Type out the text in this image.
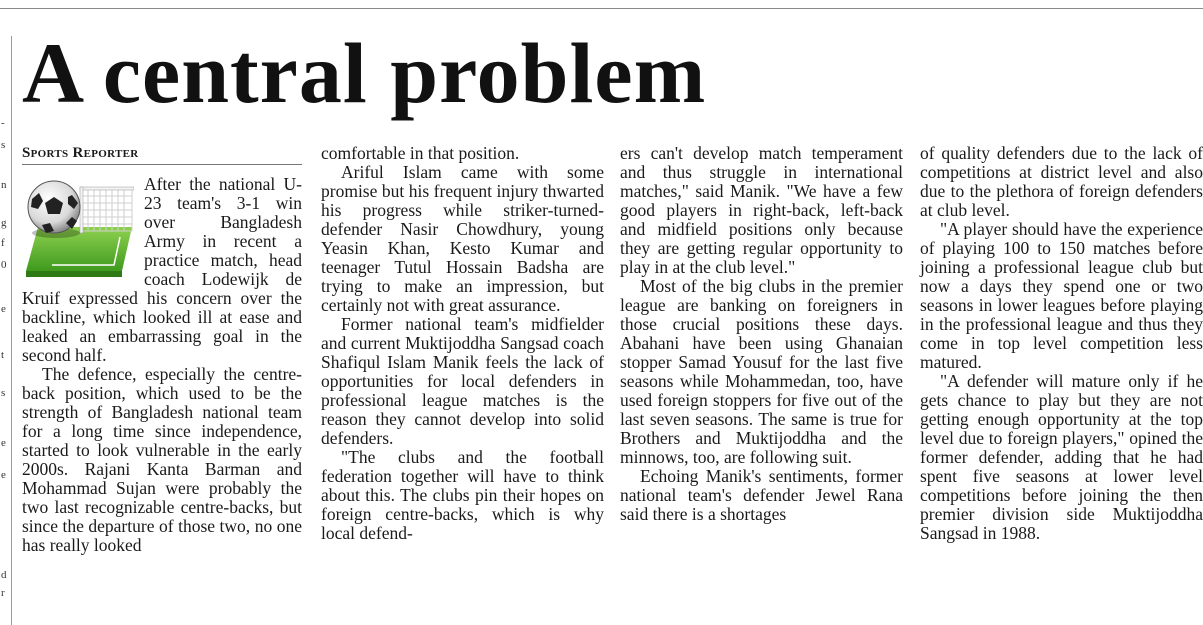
-
s
n
g
f
0
e
t
s
e
e
d
r
A central problem
Sports Reporter

After the national U-23 team's 3-1 win over Bangladesh Army in recent a practice match, head coach Lodewijk de Kruif expressed his concern over the backline, which looked ill at ease and leaked an embarrassing goal in the second half.

The defence, especially the centre-back position, which used to be the strength of Bangladesh national team for a long time since independence, started to look vulnerable in the early 2000s. Rajani Kanta Barman and Mohammad Sujan were probably the two last recognizable centre-backs, but since the departure of those two, no one has really looked

comfortable in that position.

Ariful Islam came with some promise but his frequent injury thwarted his progress while striker-turned-defender Nasir Chowdhury, young Yeasin Khan, Kesto Kumar and teenager Tutul Hossain Badsha are trying to make an impression, but certainly not with great assurance.

Former national team's midfielder and current Muktijoddha Sangsad coach Shafiqul Islam Manik feels the lack of opportunities for local defenders in professional league matches is the reason they cannot develop into solid defenders.

"The clubs and the football federation together will have to think about this. The clubs pin their hopes on foreign centre-backs, which is why local defend-

ers can't develop match temperament and thus struggle in international matches," said Manik. "We have a few good players in right-back, left-back and midfield positions only because they are getting regular opportunity to play in at the club level."

Most of the big clubs in the premier league are banking on foreigners in those crucial positions these days. Abahani have been using Ghanaian stopper Samad Yousuf for the last five seasons while Mohammedan, too, have used foreign stoppers for five out of the last seven seasons. The same is true for Brothers and Muktijoddha and the minnows, too, are following suit.

Echoing Manik's sentiments, former national team's defender Jewel Rana said there is a shortages

of quality defenders due to the lack of competitions at district level and also due to the plethora of foreign defenders at club level.

"A player should have the experience of playing 100 to 150 matches before joining a professional league club but now a days they spend one or two seasons in lower leagues before playing in the professional league and thus they come in top level competition less matured.

"A defender will mature only if he gets chance to play but they are not getting enough opportunity at the top level due to foreign players," opined the former defender, adding that he had spent five seasons at lower level competitions before joining the then premier division side Muktijoddha Sangsad in 1988.
